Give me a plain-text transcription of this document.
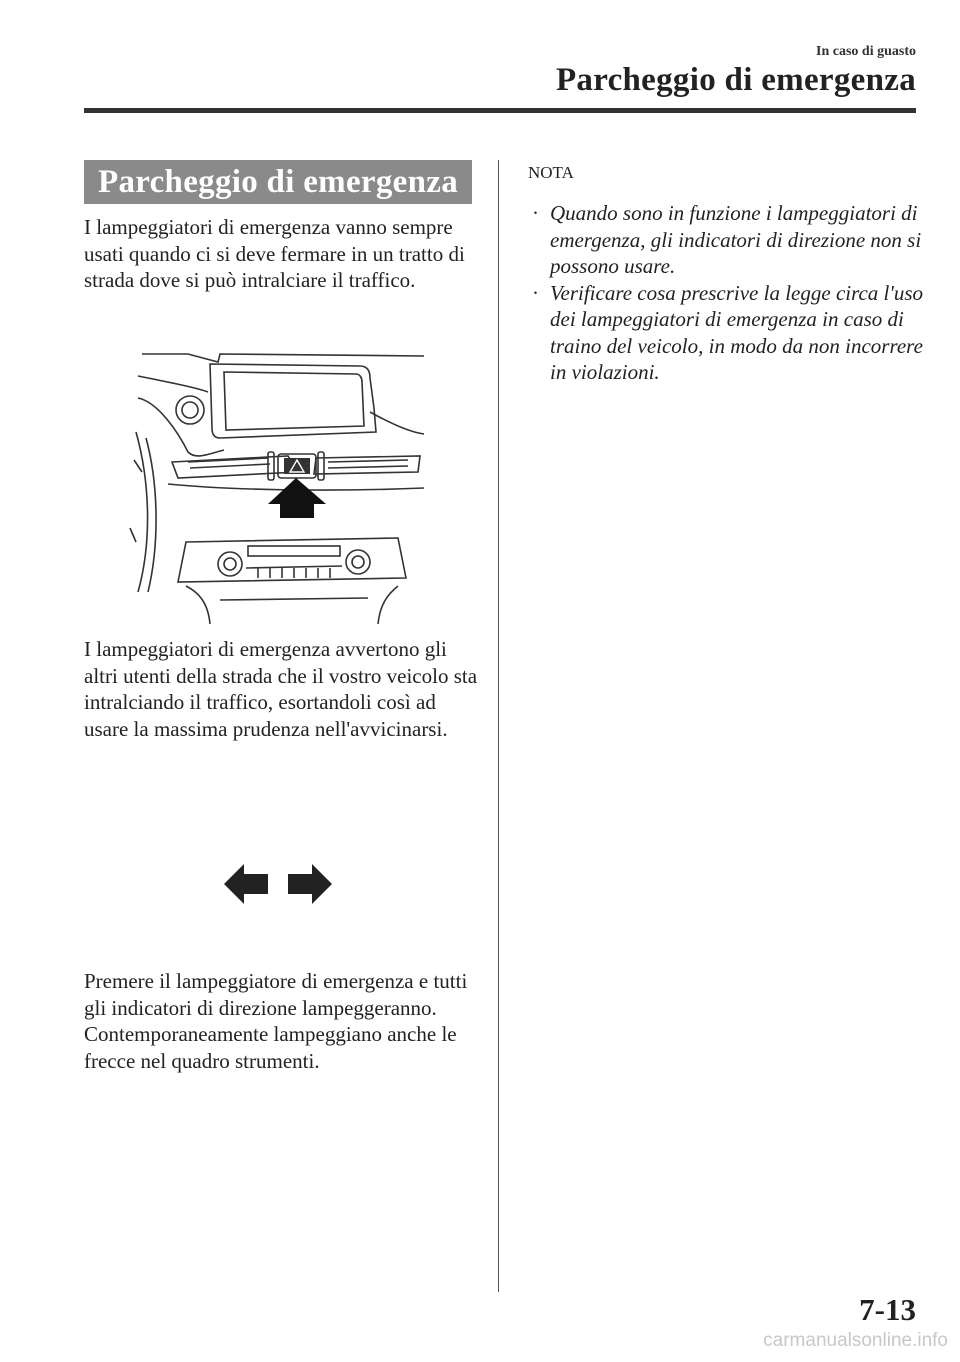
In caso di guasto
Parcheggio di emergenza
Parcheggio di emergenza

I lampeggiatori di emergenza vanno sempre usati quando ci si deve fermare in un tratto di strada dove si può intralciare il traffico.

I lampeggiatori di emergenza avvertono gli altri utenti della strada che il vostro veicolo sta intralciando il traffico, esortandoli così ad usare la massima prudenza nell'avvicinarsi.

Premere il lampeggiatore di emergenza e tutti gli indicatori di direzione lampeggeranno. Contemporaneamente lampeggiano anche le frecce nel quadro strumenti.

NOTA
· Quando sono in funzione i lampeggiatori di emergenza, gli indicatori di direzione non si possono usare.
· Verificare cosa prescrive la legge circa l'uso dei lampeggiatori di emergenza in caso di traino del veicolo, in modo da non incorrere in violazioni.
7-13
carmanualsonline.info
